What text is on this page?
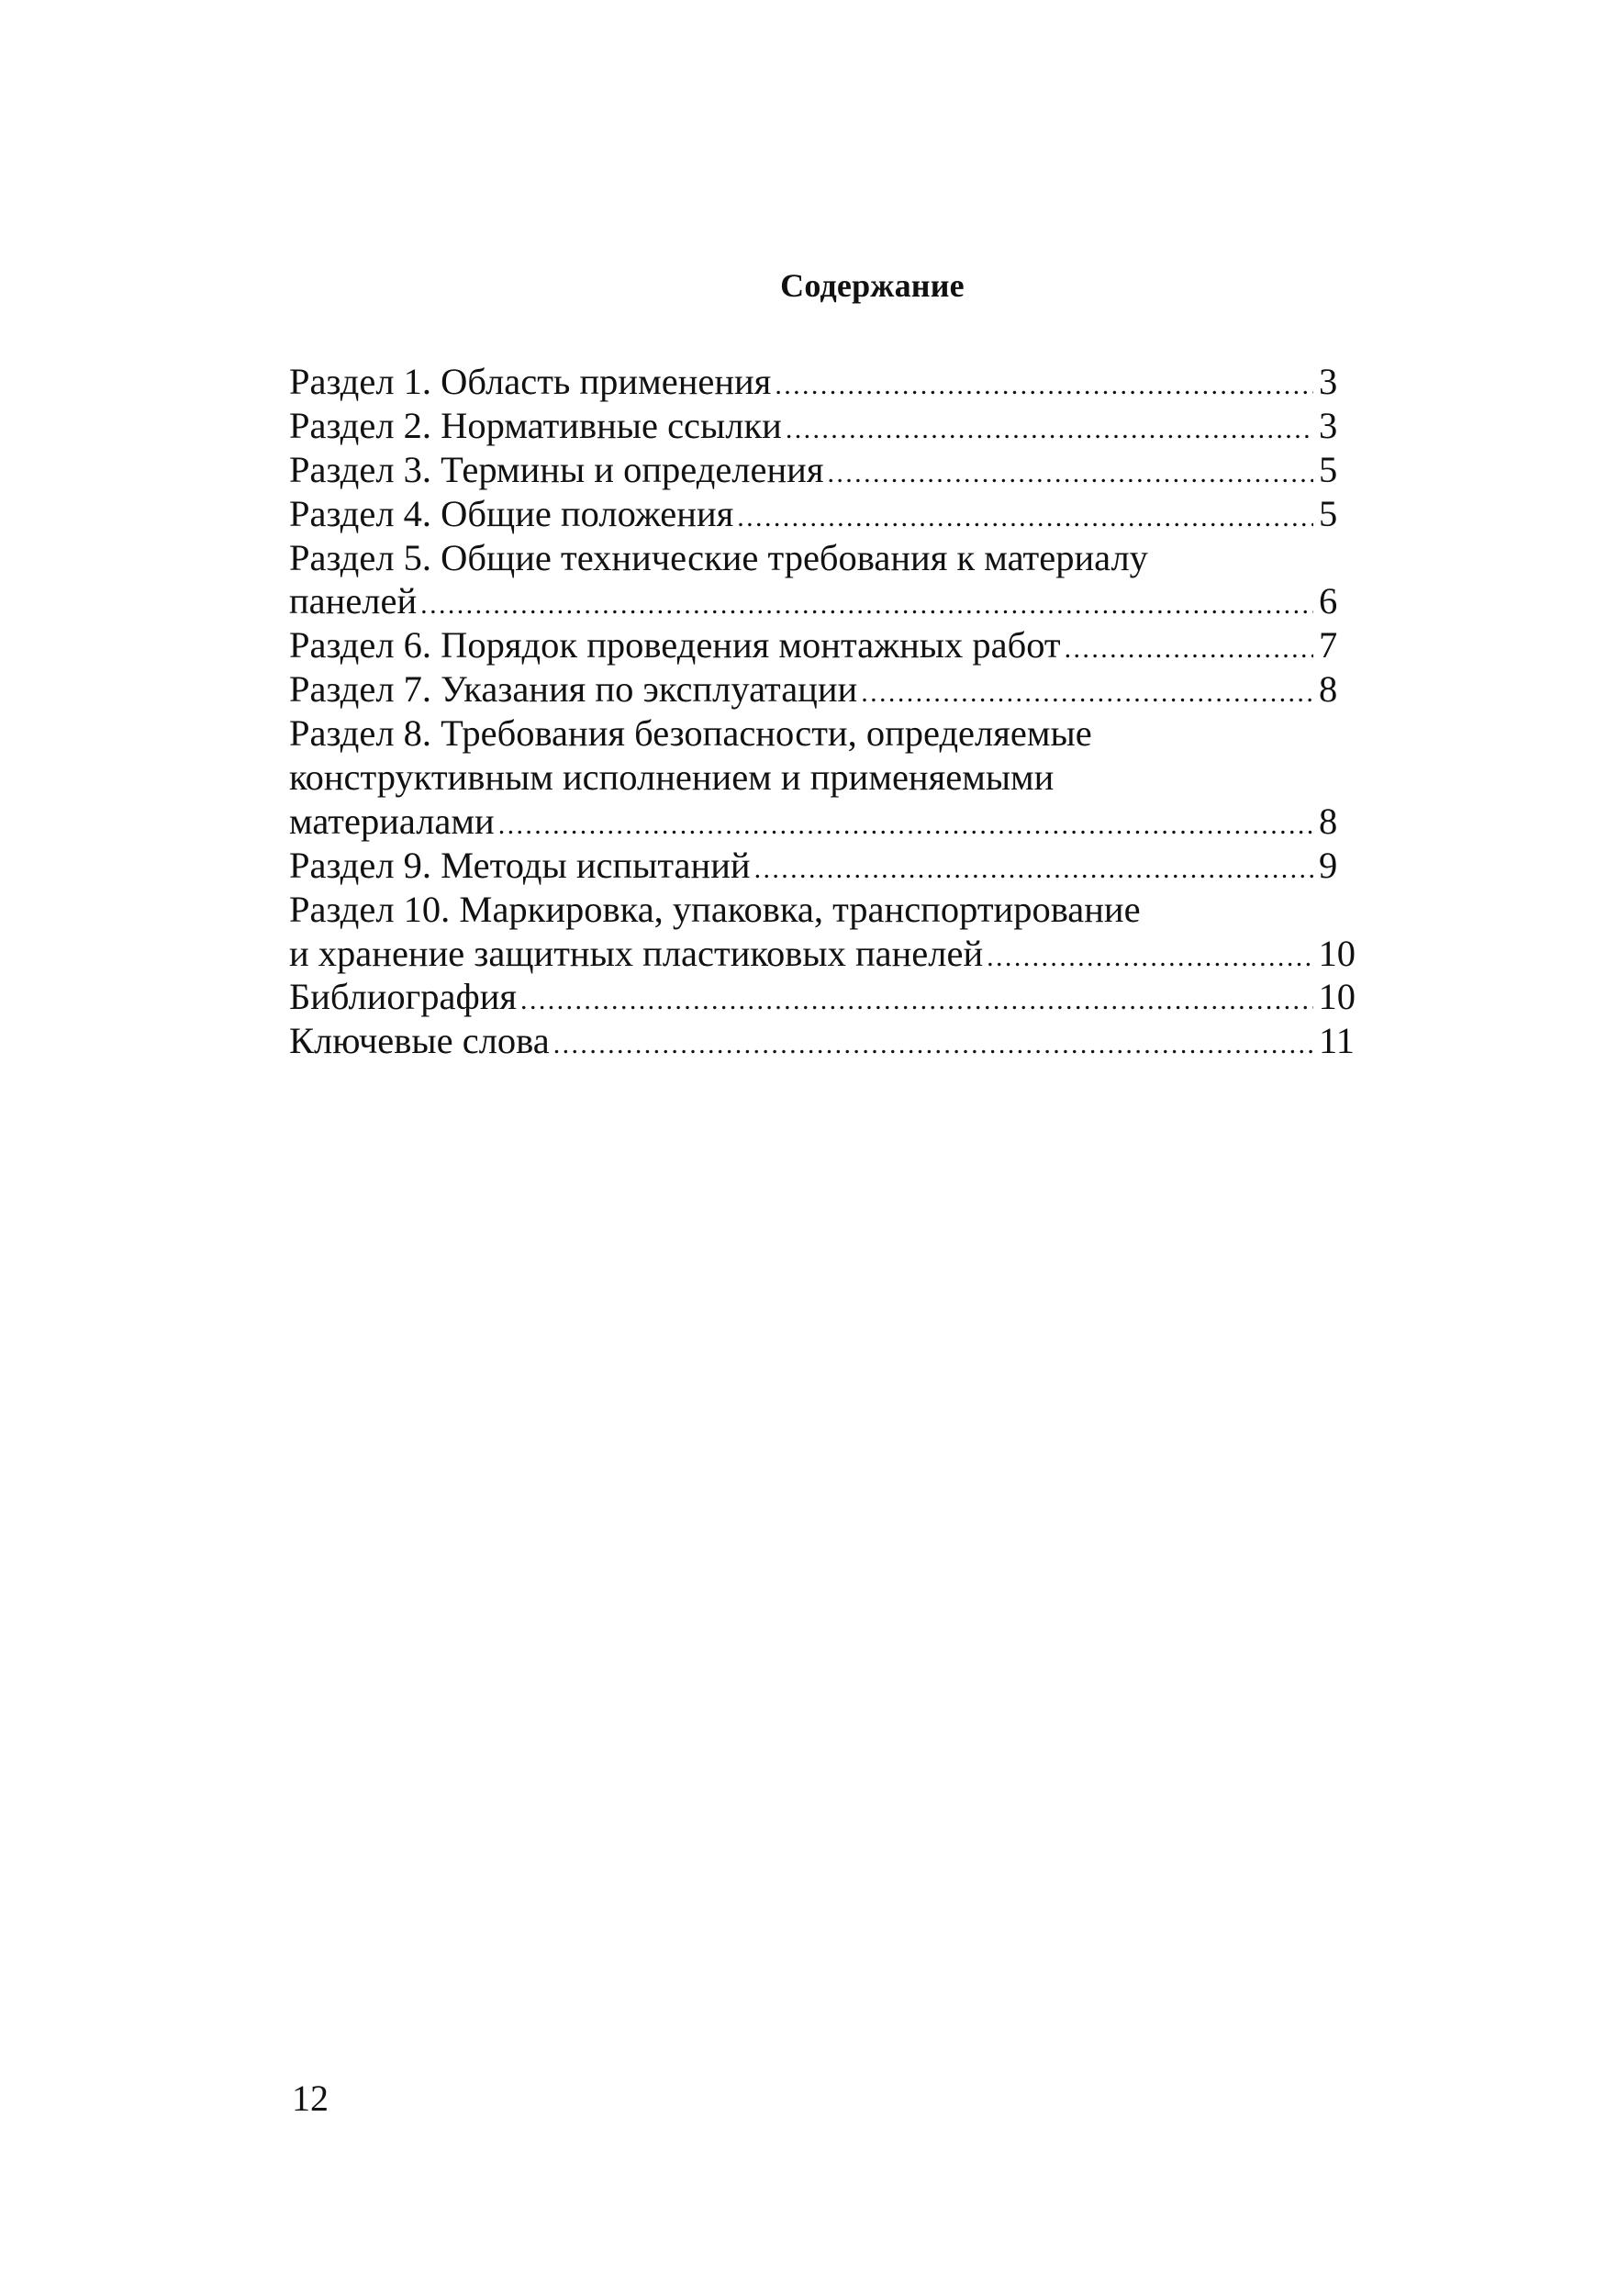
Содержание
Раздел 1. Область применения .....	3
Раздел 2. Нормативные ссылки .....	3
Раздел 3. Термины и определения .....	5
Раздел 4. Общие положения .....	5
Раздел 5. Общие технические требования к материалу
панелей .....	6
Раздел 6. Порядок проведения монтажных работ .....	7
Раздел 7. Указания по эксплуатации .....	8
Раздел 8. Требования безопасности, определяемые
конструктивным исполнением и применяемыми
материалами .....	8
Раздел 9. Методы испытаний .....	9
Раздел 10. Маркировка, упаковка, транспортирование
и хранение защитных пластиковых панелей .....	10
Библиография .....	10
Ключевые слова .....	11
12
